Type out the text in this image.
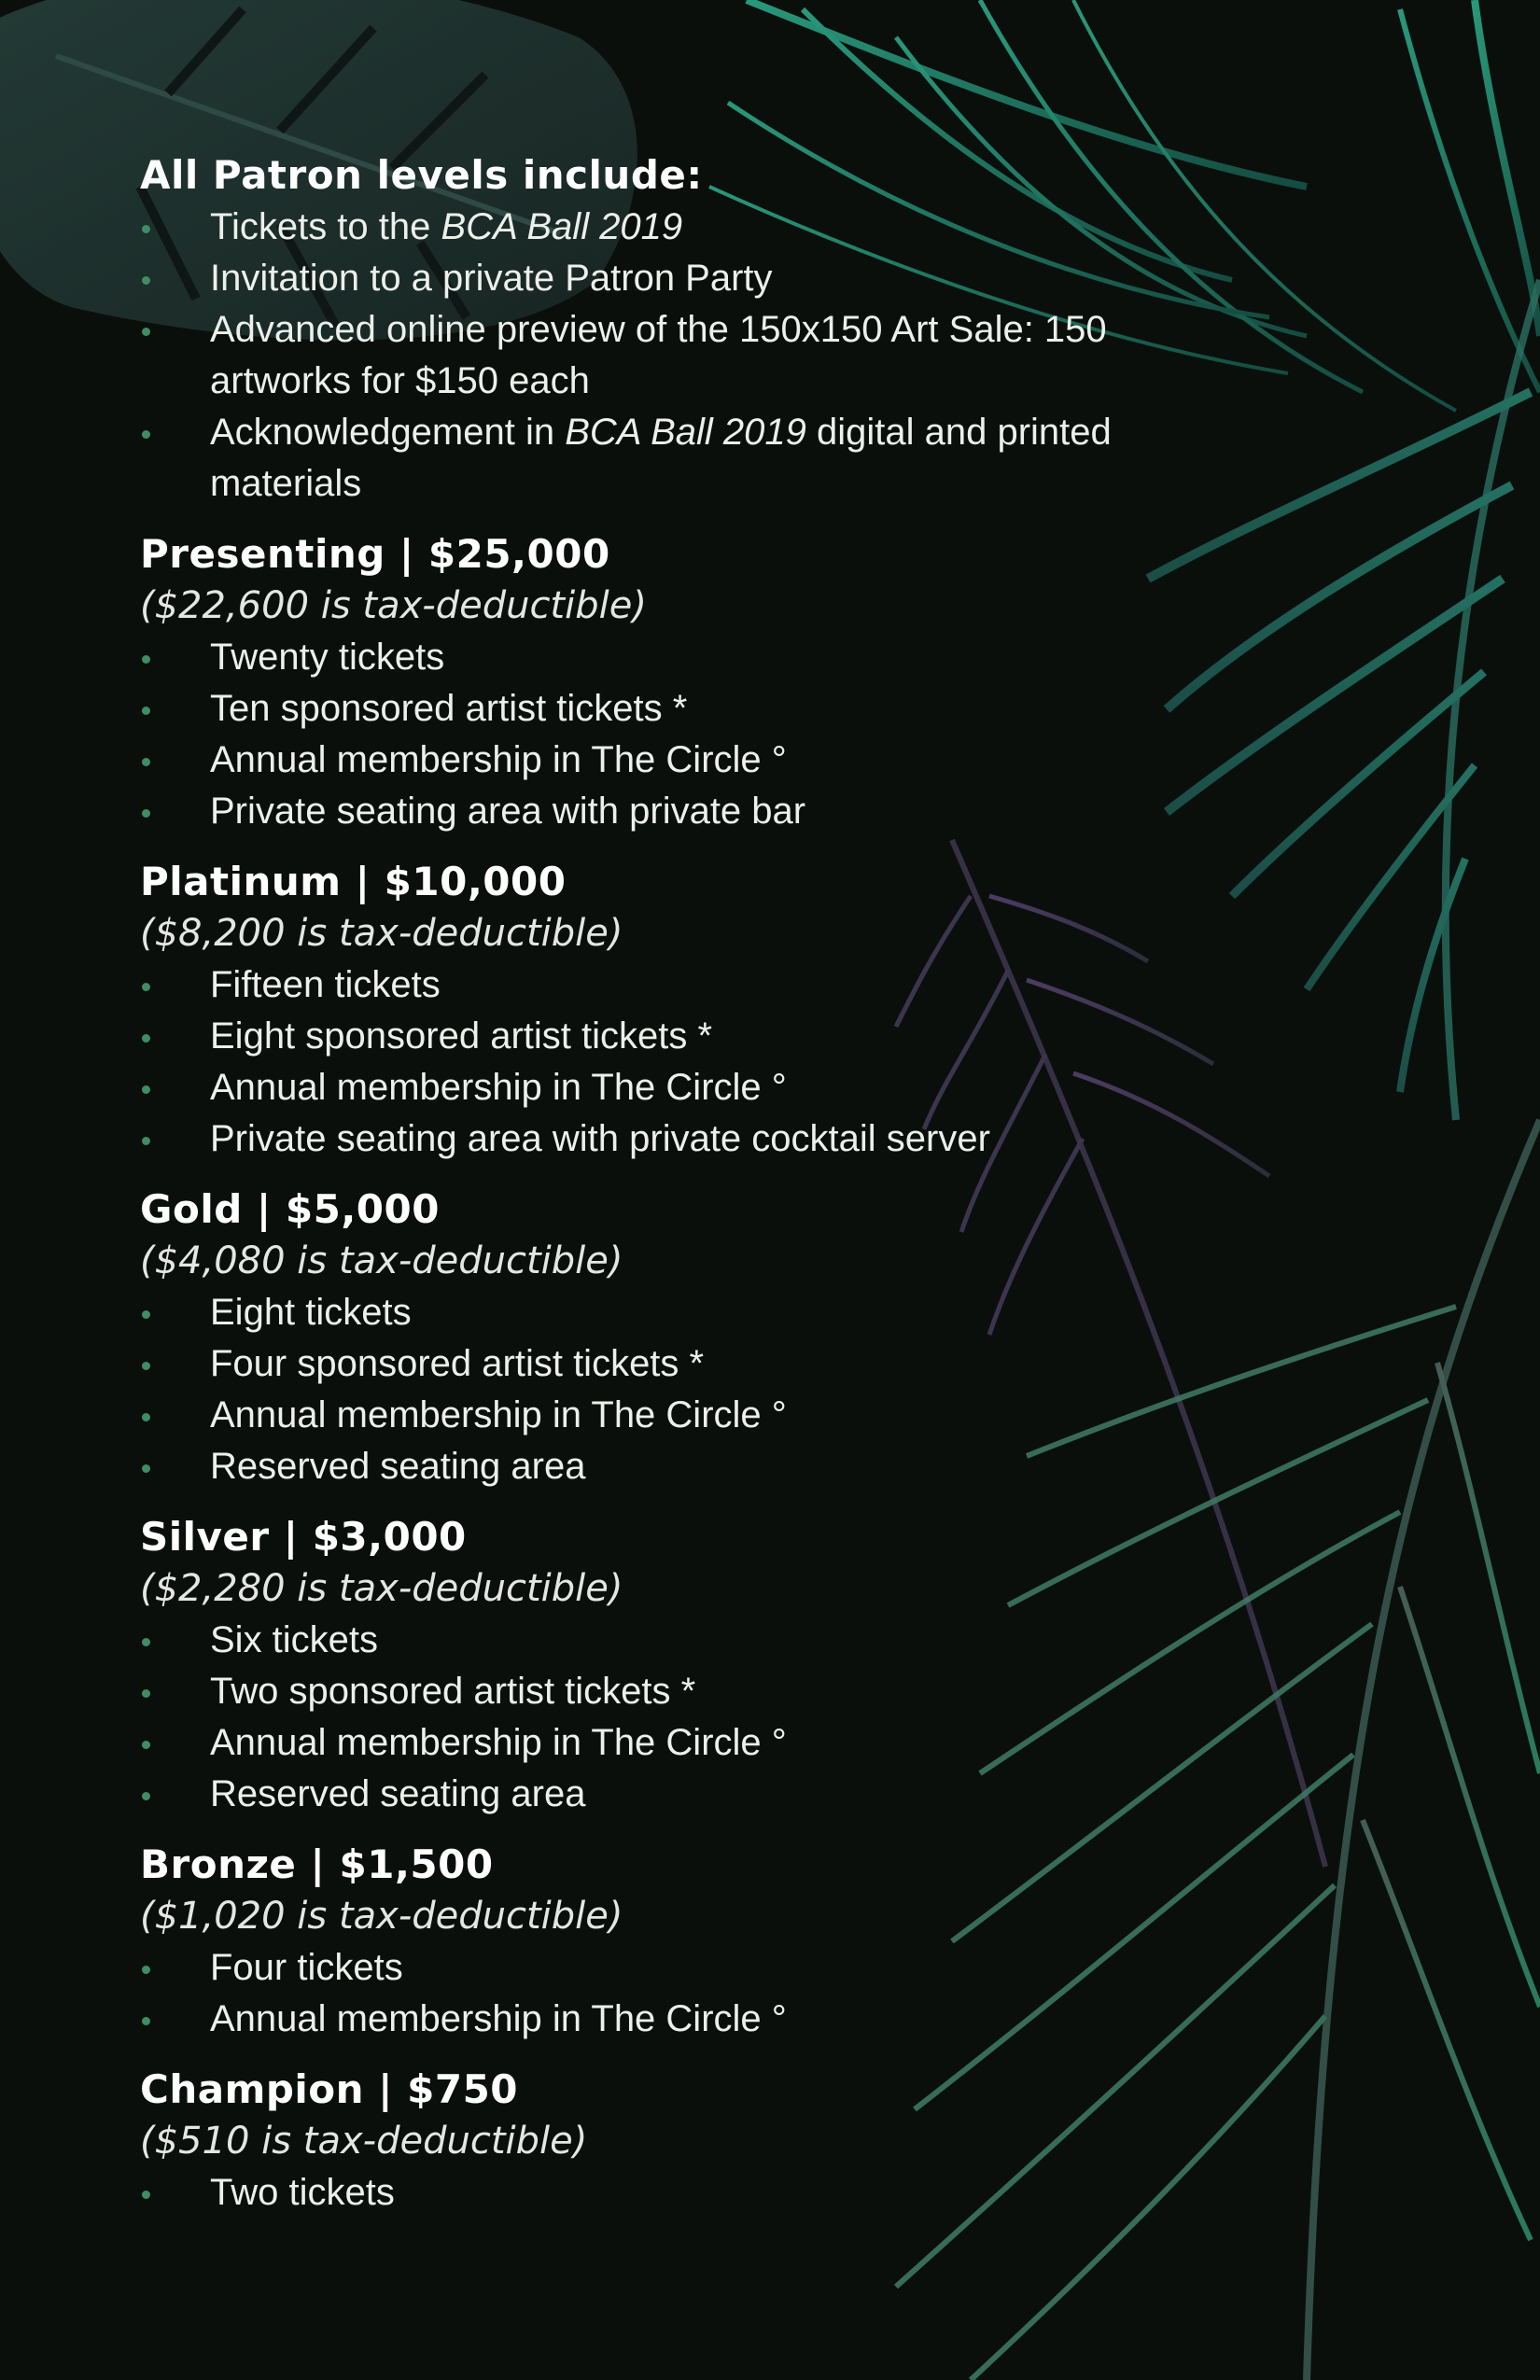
All Patron levels include:
Tickets to the BCA Ball 2019
Invitation to a private Patron Party
Advanced online preview of the 150x150 Art Sale: 150 artworks for $150 each
Acknowledgement in BCA Ball 2019 digital and printed materials
Presenting | $25,000

($22,600 is tax-deductible)

Twenty tickets
Ten sponsored artist tickets *
Annual membership in The Circle °
Private seating area with private bar
Platinum | $10,000

($8,200 is tax-deductible)

Fifteen tickets
Eight sponsored artist tickets *
Annual membership in The Circle °
Private seating area with private cocktail server
Gold | $5,000

($4,080 is tax-deductible)

Eight tickets
Four sponsored artist tickets *
Annual membership in The Circle °
Reserved seating area
Silver | $3,000

($2,280 is tax-deductible)

Six tickets
Two sponsored artist tickets *
Annual membership in The Circle °
Reserved seating area
Bronze | $1,500

($1,020 is tax-deductible)

Four tickets
Annual membership in The Circle °
Champion | $750

($510 is tax-deductible)

Two tickets
